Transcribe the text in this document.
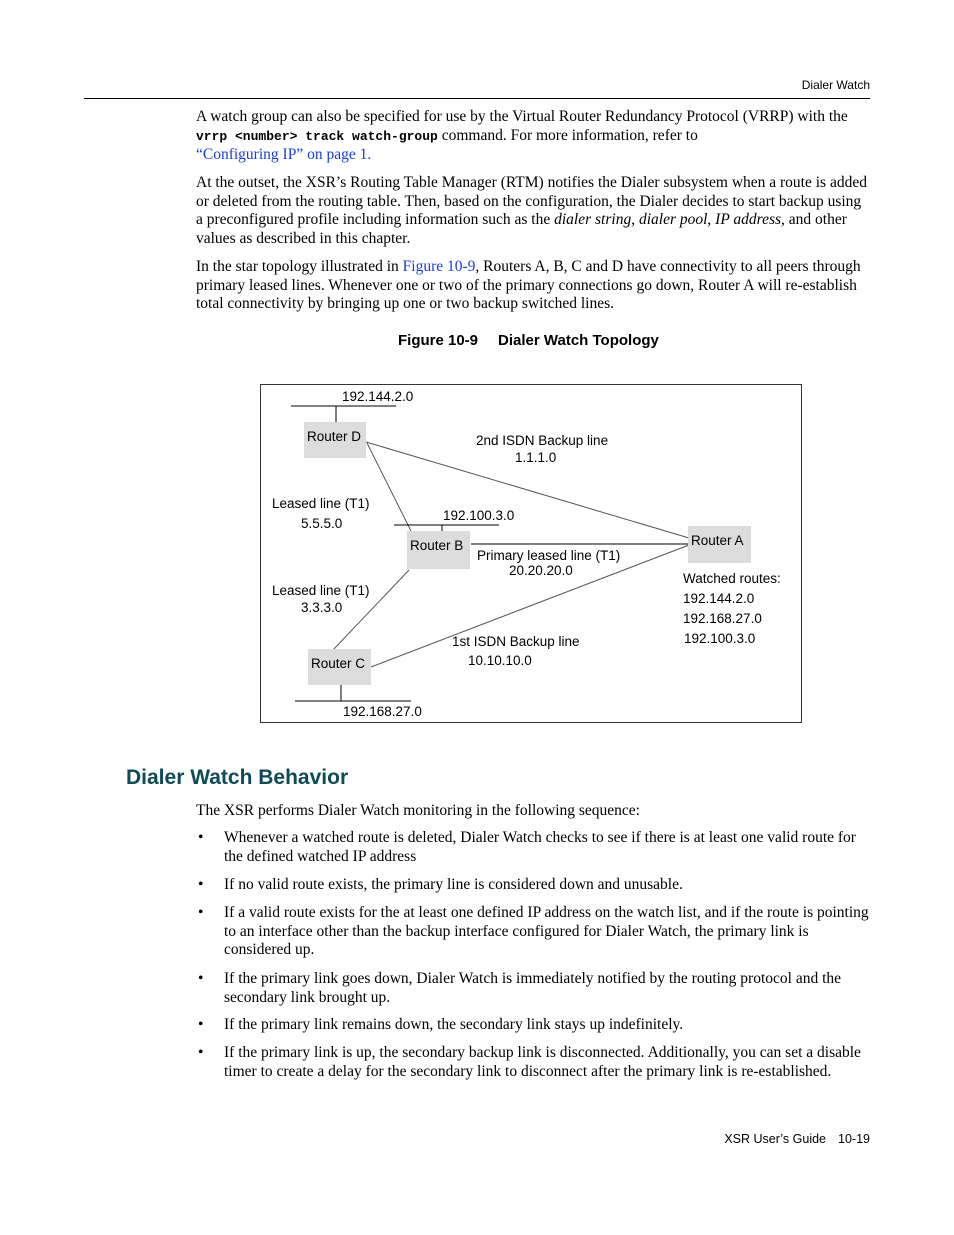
Dialer Watch
A watch group can also be specified for use by the Virtual Router Redundancy Protocol (VRRP) with the vrrp <number> track watch-group command. For more information, refer to
“Configuring IP” on page 1.
At the outset, the XSR’s Routing Table Manager (RTM) notifies the Dialer subsystem when a route is added or deleted from the routing table. Then, based on the configuration, the Dialer decides to start backup using a preconfigured profile including information such as the dialer string, dialer pool, IP address, and other values as described in this chapter.
In the star topology illustrated in Figure 10-9, Routers A, B, C and D have connectivity to all peers through primary leased lines. Whenever one or two of the primary connections go down, Router A will re-establish total connectivity by bringing up one or two backup switched lines.
Figure 10-9 Dialer Watch Topology
Router D
Router B	Router A
Router C
192.144.2.0
2nd ISDN Backup line
1.1.1.0
Leased line (T1)
5.5.5.0
192.100.3.0
Primary leased line (T1)
20.20.20.0
Watched routes:
192.144.2.0
192.168.27.0
192.100.3.0
Leased line (T1)
3.3.3.0
1st ISDN Backup line
10.10.10.0
192.168.27.0
Dialer Watch Behavior
The XSR performs Dialer Watch monitoring in the following sequence:
• Whenever a watched route is deleted, Dialer Watch checks to see if there is at least one valid route for the defined watched IP address
• If no valid route exists, the primary line is considered down and unusable.
• If a valid route exists for the at least one defined IP address on the watch list, and if the route is pointing to an interface other than the backup interface configured for Dialer Watch, the primary link is considered up.
• If the primary link goes down, Dialer Watch is immediately notified by the routing protocol and the secondary link brought up.
• If the primary link remains down, the secondary link stays up indefinitely.
• If the primary link is up, the secondary backup link is disconnected. Additionally, you can set a disable timer to create a delay for the secondary link to disconnect after the primary link is re-established.
XSR User’s Guide 10-19
